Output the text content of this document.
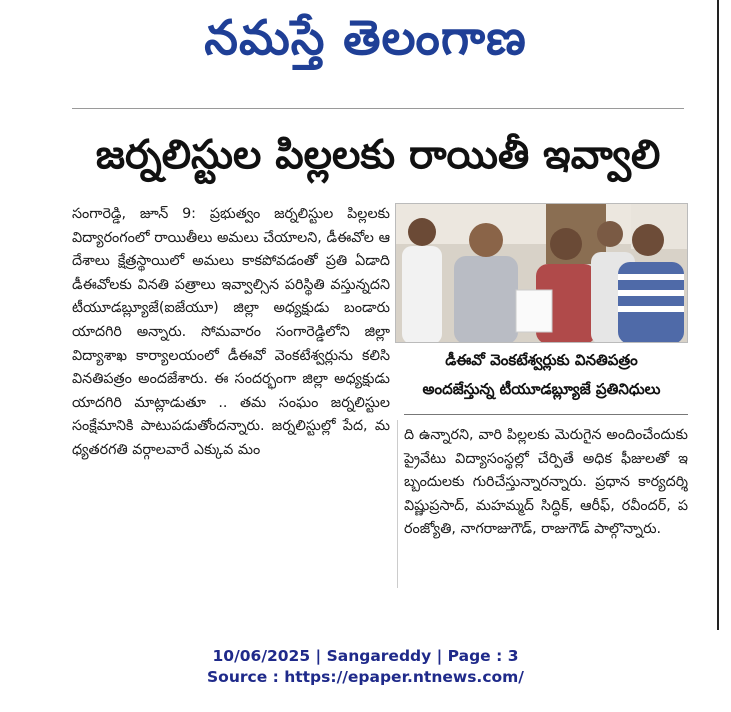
నమస్తే తెలంగాణ
జర్నలిస్టుల పిల్లలకు రాయితీ ఇవ్వాలి

సంగారెడ్డి, జూన్ 9: ప్రభుత్వం జర్నలిస్టుల పిల్లలకు విద్యారంగంలో రాయితీలు అమలు చేయాలని, డీఈవోల ఆదేశాలు క్షేత్రస్థాయిలో అమలు కాకపోవడంతో ప్రతి ఏడాది డీఈవోలకు వినతి పత్రాలు ఇవ్వాల్సిన పరిస్థితి వస్తున్నదని టీయూడబ్ల్యూజే(ఐజేయూ) జిల్లా అధ్యక్షుడు బండారు యాదగిరి అన్నారు. సోమవారం సంగారెడ్డిలోని జిల్లా విద్యాశాఖ కార్యాలయంలో డీఈవో వెంకటేశ్వర్లును కలిసి వినతిపత్రం అందజేశారు. ఈ సందర్భంగా జిల్లా అధ్యక్షుడు యాదగిరి మాట్లాడుతూ .. తమ సంఘం జర్నలిస్టుల సంక్షేమానికి పాటుపడుతోందన్నారు. జర్నలిస్టుల్లో పేద, మధ్యతరగతి వర్గాలవారే ఎక్కువ మం

డీఈవో వెంకటేశ్వర్లుకు వినతిపత్రం
అందజేస్తున్న టీయూడబ్ల్యూజే ప్రతినిధులు

ది ఉన్నారని, వారి పిల్లలకు మెరుగైన అందించేందుకు ప్రైవేటు విద్యాసంస్థల్లో చేర్పితే అధిక ఫీజులతో ఇబ్బందులకు గురిచేస్తున్నారన్నారు. ప్రధాన కార్యదర్శి విష్ణుప్రసాద్, మహమ్మద్ సిద్ధిక్, ఆరీఫ్, రవీందర్, పరంజ్యోతి, నాగరాజుగౌడ్, రాజుగౌడ్ పాల్గొన్నారు.

10/06/2025 | Sangareddy | Page : 3
Source : https://epaper.ntnews.com/
